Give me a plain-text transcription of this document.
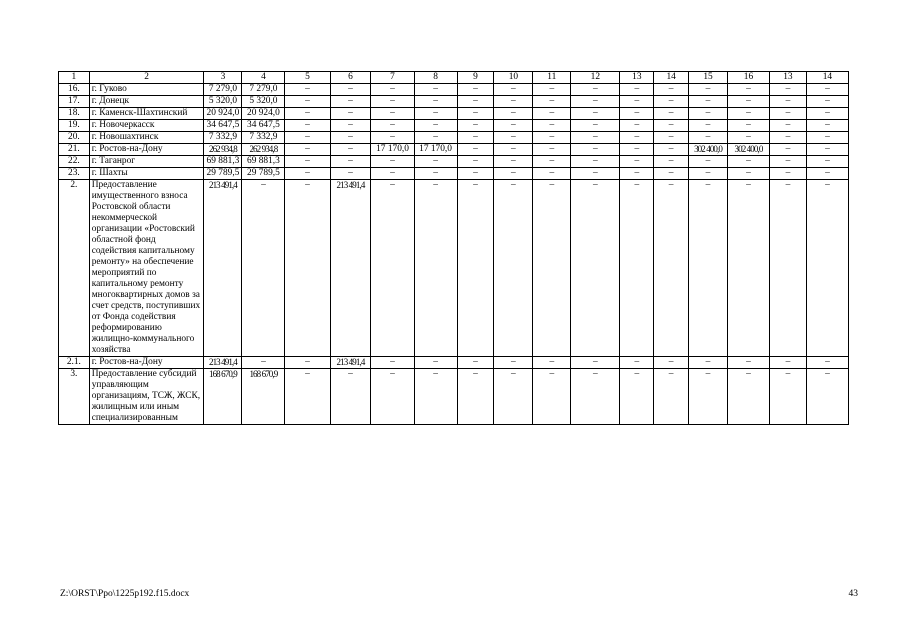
1	2	3	4	5	6	7	8	9	10	11	12	13	14	15	16	13	14
16.	г. Гуково	7 279,0	7 279,0	–	–	–	–	–	–	–	–	–	–	–	–	–	–
17.	г. Донецк	5 320,0	5 320,0	–	–	–	–	–	–	–	–	–	–	–	–	–	–
18.	г. Каменск-Шахтинский	20 924,0	20 924,0	–	–	–	–	–	–	–	–	–	–	–	–	–	–
19.	г. Новочеркасск	34 647,5	34 647,5	–	–	–	–	–	–	–	–	–	–	–	–	–	–
20.	г. Новошахтинск	7 332,9	7 332,9	–	–	–	–	–	–	–	–	–	–	–	–	–	–
21.	г. Ростов-на-Дону	262 934,8	262 934,8	–	–	17 170,0	17 170,0	–	–	–	–	–	–	302 400,0	302 400,0	–	–
22.	г. Таганрог	69 881,3	69 881,3	–	–	–	–	–	–	–	–	–	–	–	–	–	–
23.	г. Шахты	29 789,5	29 789,5	–	–	–	–	–	–	–	–	–	–	–	–	–	–
2.	Предоставление имущественного взноса Ростовской области некоммерческой организации «Ростовский областной фонд содействия капитальному ремонту» на обеспечение мероприятий по капитальному ремонту многоквартирных домов за счет средств, поступивших от Фонда содействия реформированию жилищно-коммунального хозяйства	213 491,4	–	–	213 491,4	–	–	–	–	–	–	–	–	–	–	–	–
2.1.	г. Ростов-на-Дону	213 491,4	–	–	213 491,4	–	–	–	–	–	–	–	–	–	–	–	–
3.	Предоставление субсидий управляющим организациям, ТСЖ, ЖСК, жилищным или иным специализированным	168 670,9	168 670,9	–	–	–	–	–	–	–	–	–	–	–	–	–	–
Z:\ORST\Ppo\1225p192.f15.docx	43
